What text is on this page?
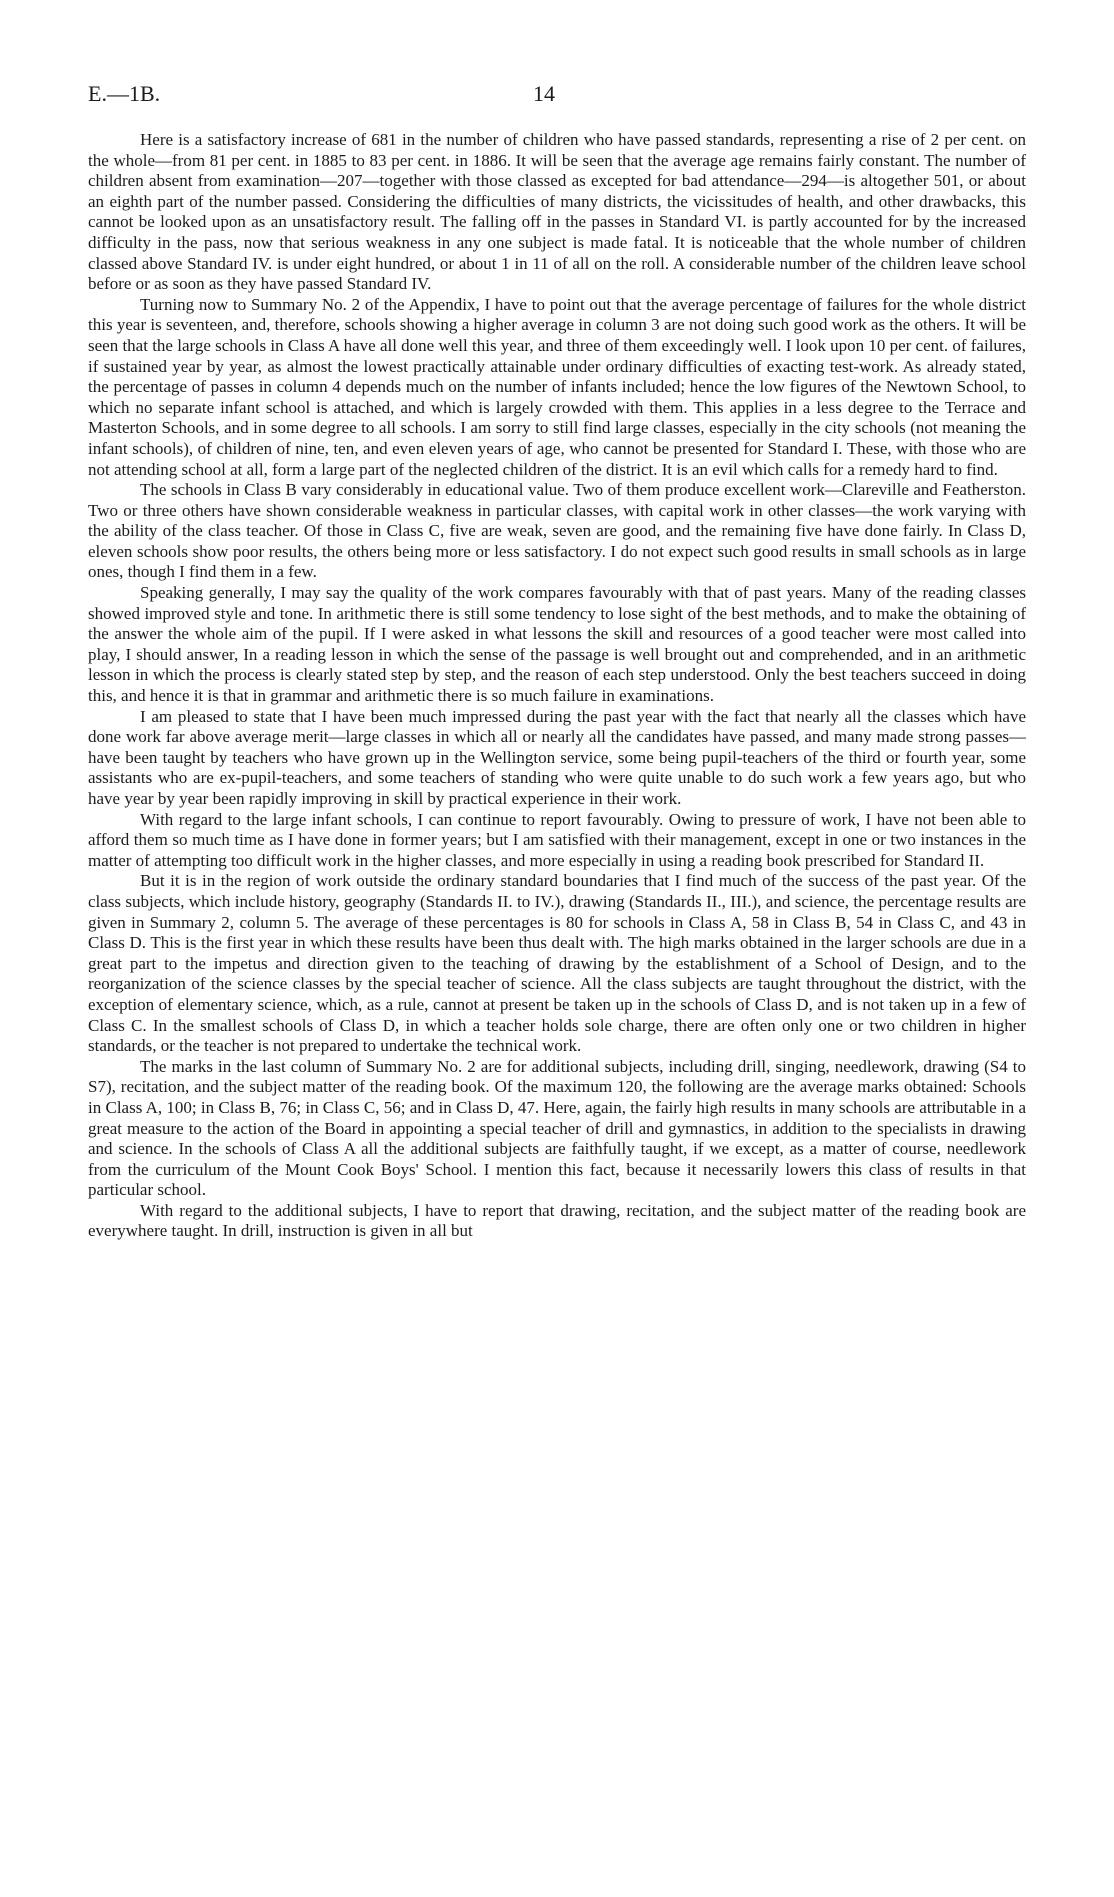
E.—1B.	14

Here is a satisfactory increase of 681 in the number of children who have passed standards, representing a rise of 2 per cent. on the whole—from 81 per cent. in 1885 to 83 per cent. in 1886. It will be seen that the average age remains fairly constant. The number of children absent from examination—207—together with those classed as excepted for bad attendance—294—is altogether 501, or about an eighth part of the number passed. Considering the difficulties of many districts, the vicissitudes of health, and other drawbacks, this cannot be looked upon as an unsatisfactory result. The falling off in the passes in Standard VI. is partly accounted for by the increased difficulty in the pass, now that serious weakness in any one subject is made fatal. It is noticeable that the whole number of children classed above Standard IV. is under eight hundred, or about 1 in 11 of all on the roll. A considerable number of the children leave school before or as soon as they have passed Standard IV.

Turning now to Summary No. 2 of the Appendix, I have to point out that the average percentage of failures for the whole district this year is seventeen, and, therefore, schools showing a higher average in column 3 are not doing such good work as the others. It will be seen that the large schools in Class A have all done well this year, and three of them exceedingly well. I look upon 10 per cent. of failures, if sustained year by year, as almost the lowest practically attainable under ordinary difficulties of exacting test-work. As already stated, the percentage of passes in column 4 depends much on the number of infants included; hence the low figures of the Newtown School, to which no separate infant school is attached, and which is largely crowded with them. This applies in a less degree to the Terrace and Masterton Schools, and in some degree to all schools. I am sorry to still find large classes, especially in the city schools (not meaning the infant schools), of children of nine, ten, and even eleven years of age, who cannot be presented for Standard I. These, with those who are not attending school at all, form a large part of the neglected children of the district. It is an evil which calls for a remedy hard to find.

The schools in Class B vary considerably in educational value. Two of them produce excellent work—Clareville and Featherston. Two or three others have shown considerable weakness in particular classes, with capital work in other classes—the work varying with the ability of the class teacher. Of those in Class C, five are weak, seven are good, and the remaining five have done fairly. In Class D, eleven schools show poor results, the others being more or less satisfactory. I do not expect such good results in small schools as in large ones, though I find them in a few.

Speaking generally, I may say the quality of the work compares favourably with that of past years. Many of the reading classes showed improved style and tone. In arithmetic there is still some tendency to lose sight of the best methods, and to make the obtaining of the answer the whole aim of the pupil. If I were asked in what lessons the skill and resources of a good teacher were most called into play, I should answer, In a reading lesson in which the sense of the passage is well brought out and comprehended, and in an arithmetic lesson in which the process is clearly stated step by step, and the reason of each step understood. Only the best teachers succeed in doing this, and hence it is that in grammar and arithmetic there is so much failure in examinations.

I am pleased to state that I have been much impressed during the past year with the fact that nearly all the classes which have done work far above average merit—large classes in which all or nearly all the candidates have passed, and many made strong passes—have been taught by teachers who have grown up in the Wellington service, some being pupil-teachers of the third or fourth year, some assistants who are ex-pupil-teachers, and some teachers of standing who were quite unable to do such work a few years ago, but who have year by year been rapidly improving in skill by practical experience in their work.

With regard to the large infant schools, I can continue to report favourably. Owing to pressure of work, I have not been able to afford them so much time as I have done in former years; but I am satisfied with their management, except in one or two instances in the matter of attempting too difficult work in the higher classes, and more especially in using a reading book prescribed for Standard II.

But it is in the region of work outside the ordinary standard boundaries that I find much of the success of the past year. Of the class subjects, which include history, geography (Standards II. to IV.), drawing (Standards II., III.), and science, the percentage results are given in Summary 2, column 5. The average of these percentages is 80 for schools in Class A, 58 in Class B, 54 in Class C, and 43 in Class D. This is the first year in which these results have been thus dealt with. The high marks obtained in the larger schools are due in a great part to the impetus and direction given to the teaching of drawing by the establishment of a School of Design, and to the reorganization of the science classes by the special teacher of science. All the class subjects are taught throughout the district, with the exception of elementary science, which, as a rule, cannot at present be taken up in the schools of Class D, and is not taken up in a few of Class C. In the smallest schools of Class D, in which a teacher holds sole charge, there are often only one or two children in higher standards, or the teacher is not prepared to undertake the technical work.

The marks in the last column of Summary No. 2 are for additional subjects, including drill, singing, needlework, drawing (S4 to S7), recitation, and the subject matter of the reading book. Of the maximum 120, the following are the average marks obtained: Schools in Class A, 100; in Class B, 76; in Class C, 56; and in Class D, 47. Here, again, the fairly high results in many schools are attributable in a great measure to the action of the Board in appointing a special teacher of drill and gymnastics, in addition to the specialists in drawing and science. In the schools of Class A all the additional subjects are faithfully taught, if we except, as a matter of course, needlework from the curriculum of the Mount Cook Boys' School. I mention this fact, because it necessarily lowers this class of results in that particular school.

With regard to the additional subjects, I have to report that drawing, recitation, and the subject matter of the reading book are everywhere taught. In drill, instruction is given in all but
